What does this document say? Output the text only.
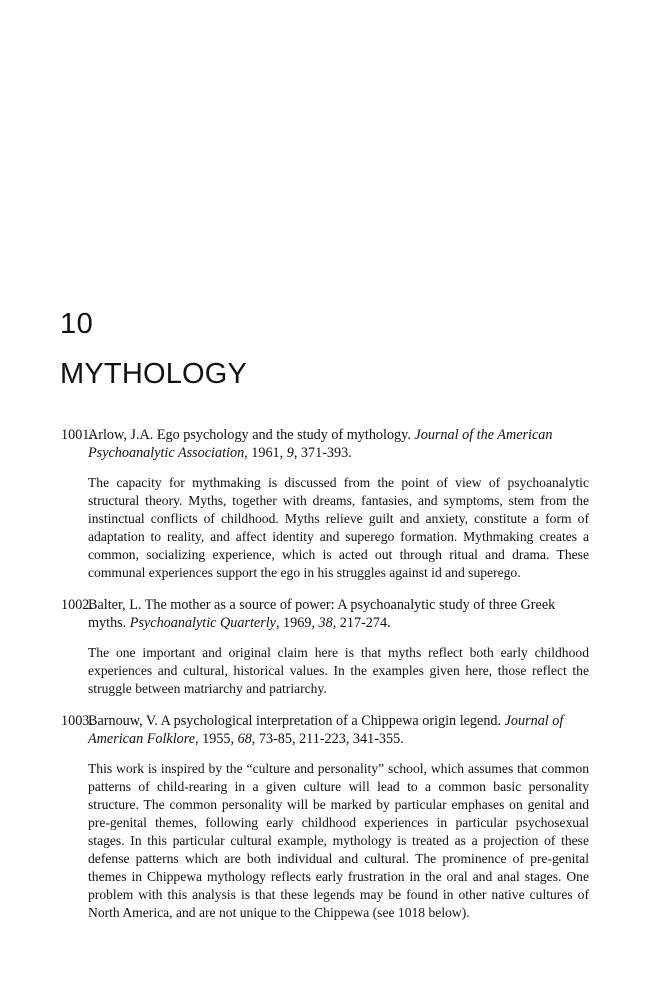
10
MYTHOLOGY
1001.
Arlow, J.A. Ego psychology and the study of mythology. Journal of the American Psychoanalytic Association, 1961, 9, 371-393.
The capacity for mythmaking is discussed from the point of view of psychoanalytic structural theory. Myths, together with dreams, fantasies, and symptoms, stem from the instinctual conflicts of childhood. Myths relieve guilt and anxiety, constitute a form of adaptation to reality, and affect identity and superego formation. Mythmaking creates a common, socializing experience, which is acted out through ritual and drama. These communal experiences support the ego in his struggles against id and superego.
1002.
Balter, L. The mother as a source of power: A psychoanalytic study of three Greek myths. Psychoanalytic Quarterly, 1969, 38, 217-274.
The one important and original claim here is that myths reflect both early childhood experiences and cultural, historical values. In the examples given here, those reflect the struggle between matriarchy and patriarchy.
1003.
Barnouw, V. A psychological interpretation of a Chippewa origin legend. Journal of American Folklore, 1955, 68, 73-85, 211-223, 341-355.
This work is inspired by the “culture and personality” school, which assumes that common patterns of child-rearing in a given culture will lead to a common basic personality structure. The common personality will be marked by particular emphases on genital and pre-genital themes, following early childhood experiences in particular psychosexual stages. In this particular cultural example, mythology is treated as a projection of these defense patterns which are both individual and cultural. The prominence of pre-genital themes in Chippewa mythology reflects early frustration in the oral and anal stages. One problem with this analysis is that these legends may be found in other native cultures of North America, and are not unique to the Chippewa (see 1018 below).
